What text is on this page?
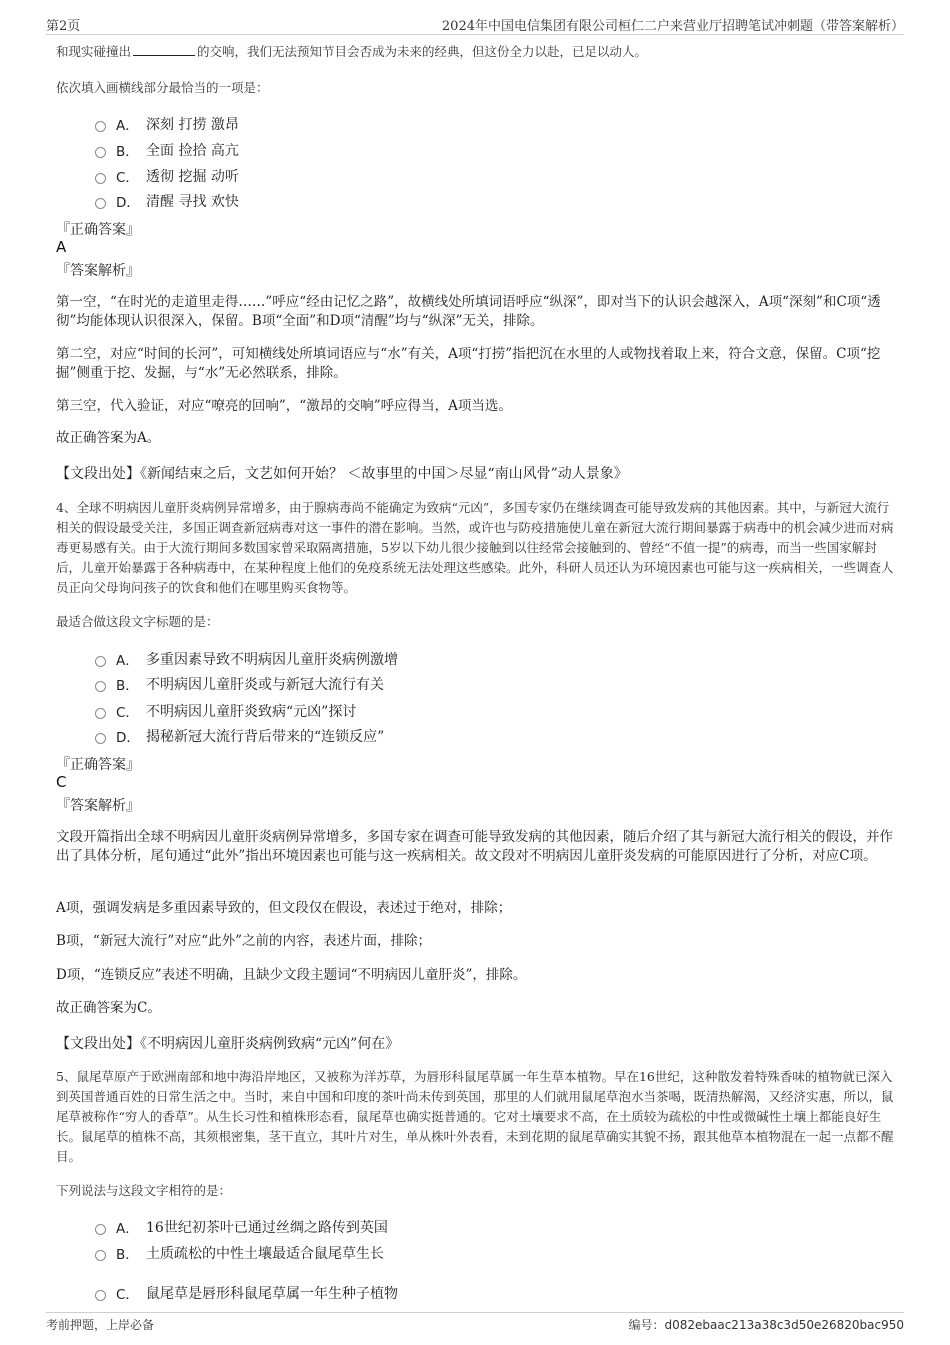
第2页	2024年中国电信集团有限公司桓仁二户来营业厅招聘笔试冲刺题（带答案解析）
和现实碰撞出	的交响，我们无法预知节目会否成为未来的经典，但这份全力以赴，已足以动人。
依次填入画横线部分最恰当的一项是：
A． 深刻 打捞 激昂
B． 全面 捡拾 高亢
C． 透彻 挖掘 动听
D． 清醒 寻找 欢快
『正确答案』
A
『答案解析』
第一空，“在时光的走道里走得……”呼应“经由记忆之路”，故横线处所填词语呼应“纵深”，即对当下的认识会越深入，A项“深刻”和C项“透彻”均能体现认识很深入，保留。B项“全面”和D项“清醒”均与“纵深”无关，排除。
第二空，对应“时间的长河”，可知横线处所填词语应与“水”有关，A项“打捞”指把沉在水里的人或物找着取上来，符合文意，保留。C项“挖掘”侧重于挖、发掘，与“水”无必然联系，排除。
第三空，代入验证，对应“嘹亮的回响”，“激昂的交响”呼应得当，A项当选。
故正确答案为A。
【文段出处】《新闻结束之后，文艺如何开始？ ＜故事里的中国＞尽显“南山风骨”动人景象》
4、全球不明病因儿童肝炎病例异常增多，由于腺病毒尚不能确定为致病“元凶”，多国专家仍在继续调查可能导致发病的其他因素。其中，与新冠大流行相关的假设最受关注，多国正调查新冠病毒对这一事件的潜在影响。当然，或许也与防疫措施使儿童在新冠大流行期间暴露于病毒中的机会减少进而对病毒更易感有关。由于大流行期间多数国家曾采取隔离措施，5岁以下幼儿很少接触到以往经常会接触到的、曾经“不值一提”的病毒，而当一些国家解封后，儿童开始暴露于各种病毒中，在某种程度上他们的免疫系统无法处理这些感染。此外，科研人员还认为环境因素也可能与这一疾病相关，一些调查人员正向父母询问孩子的饮食和他们在哪里购买食物等。
最适合做这段文字标题的是：
A． 多重因素导致不明病因儿童肝炎病例激增
B． 不明病因儿童肝炎或与新冠大流行有关
C． 不明病因儿童肝炎致病“元凶”探讨
D． 揭秘新冠大流行背后带来的“连锁反应”
『正确答案』
C
『答案解析』
文段开篇指出全球不明病因儿童肝炎病例异常增多，多国专家在调查可能导致发病的其他因素，随后介绍了其与新冠大流行相关的假设，并作出了具体分析，尾句通过“此外”指出环境因素也可能与这一疾病相关。故文段对不明病因儿童肝炎发病的可能原因进行了分析，对应C项。
A项，强调发病是多重因素导致的，但文段仅在假设，表述过于绝对，排除；
B项，“新冠大流行”对应“此外”之前的内容，表述片面，排除；
D项，“连锁反应”表述不明确，且缺少文段主题词“不明病因儿童肝炎”，排除。
故正确答案为C。
【文段出处】《不明病因儿童肝炎病例致病“元凶”何在》
5、鼠尾草原产于欧洲南部和地中海沿岸地区，又被称为洋苏草，为唇形科鼠尾草属一年生草本植物。早在16世纪，这种散发着特殊香味的植物就已深入到英国普通百姓的日常生活之中。当时，来自中国和印度的茶叶尚未传到英国，那里的人们就用鼠尾草泡水当茶喝，既清热解渴，又经济实惠，所以，鼠尾草被称作“穷人的香草”。从生长习性和植株形态看，鼠尾草也确实挺普通的。它对土壤要求不高，在土质较为疏松的中性或微碱性土壤上都能良好生长。鼠尾草的植株不高，其须根密集，茎干直立，其叶片对生，单从株叶外表看，未到花期的鼠尾草确实其貌不扬，跟其他草本植物混在一起一点都不醒目。
下列说法与这段文字相符的是：
A． 16世纪初茶叶已通过丝绸之路传到英国
B． 土质疏松的中性土壤最适合鼠尾草生长
C． 鼠尾草是唇形科鼠尾草属一年生种子植物
考前押题，上岸必备	编号：d082ebaac213a38c3d50e26820bac950
